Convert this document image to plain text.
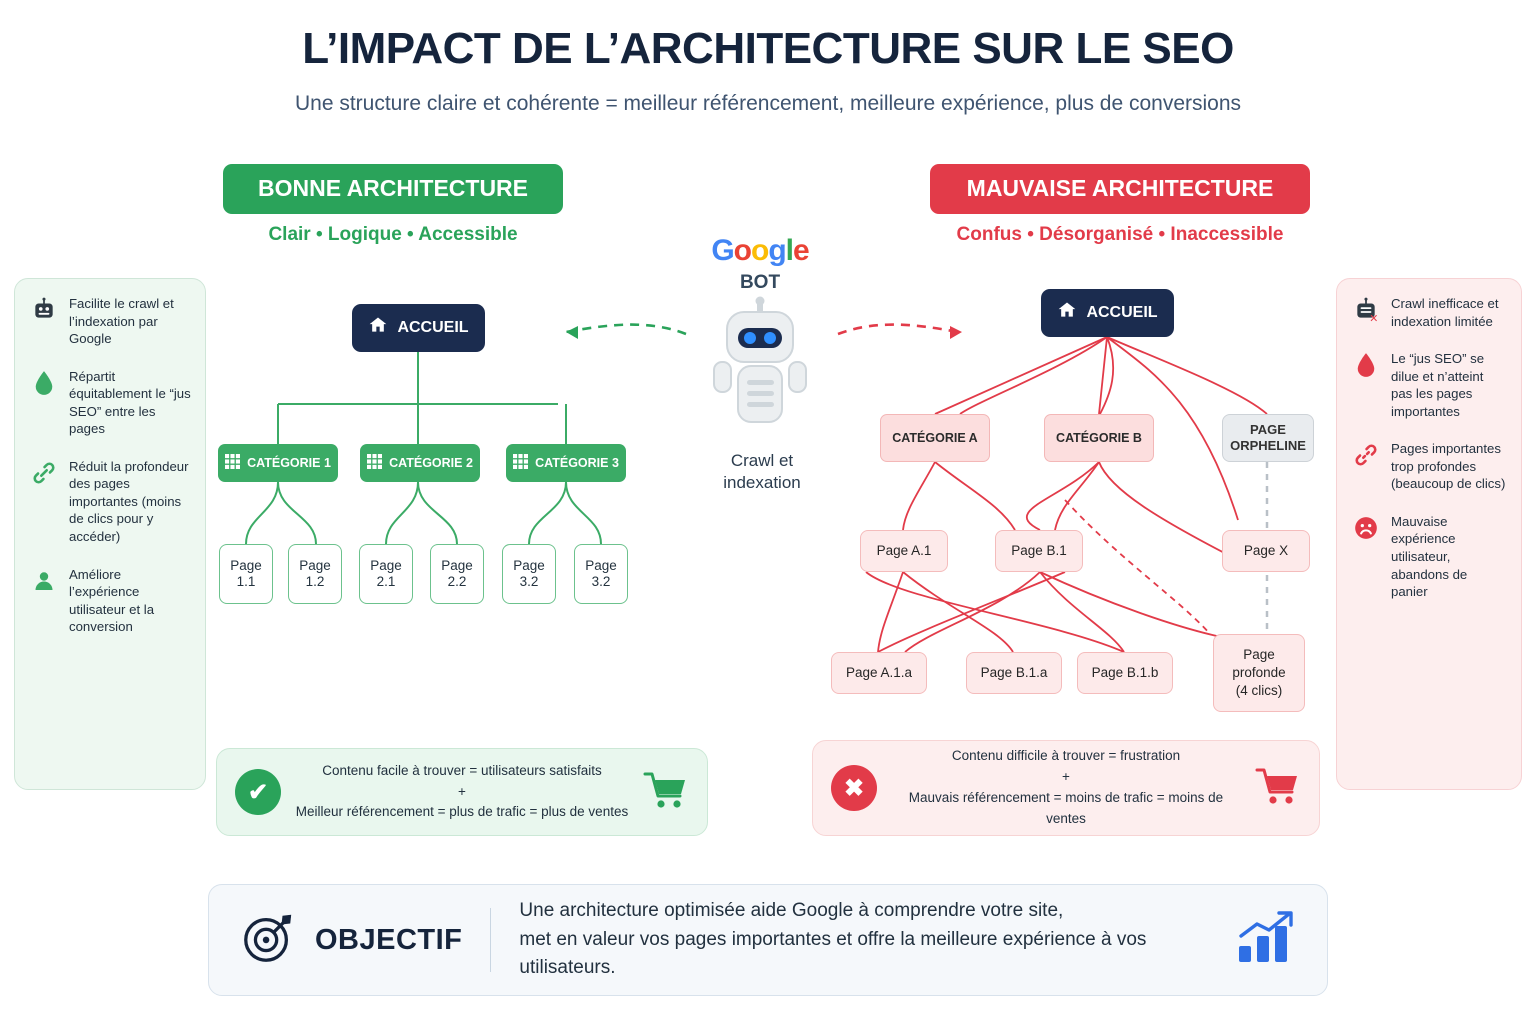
L’IMPACT DE L’ARCHITECTURE SUR LE SEO
Une structure claire et cohérente = meilleur référencement, meilleure expérience, plus de conversions
BONNE ARCHITECTURE
Clair • Logique • Accessible
MAUVAISE ARCHITECTURE
Confus • Désorganisé • Inaccessible
Facilite le crawl et l’indexation par Google
Répartit équitablement le “jus SEO” entre les pages
Réduit la profondeur des pages importantes (moins de clics pour y accéder)
Améliore l’expérience utilisateur et la conversion
✕
Crawl inefficace et indexation limitée
Le “jus SEO” se dilue et n’atteint pas les pages importantes
Pages importantes trop profondes (beaucoup de clics)
Mauvaise expérience utilisateur, abandons de panier
ACCUEIL
CATÉGORIE 1	CATÉGORIE 2	CATÉGORIE 3
Page
1.1
Page
1.2
Page
2.1
Page
2.2
Page
3.2
Page
3.2
Google
BOT
Crawl et
indexation
ACCUEIL
CATÉGORIE A	CATÉGORIE B
PAGE
ORPHELINE
Page A.1	Page B.1	Page X
Page A.1.a	Page B.1.a	Page B.1.b
Page
profonde
(4 clics)
✔
Contenu facile à trouver = utilisateurs satisfaits
+
Meilleur référencement = plus de trafic = plus de ventes
✖
Contenu difficile à trouver = frustration
+
Mauvais référencement = moins de trafic = moins de ventes
OBJECTIF
Une architecture optimisée aide Google à comprendre votre site,
met en valeur vos pages importantes et offre la meilleure expérience à vos utilisateurs.
